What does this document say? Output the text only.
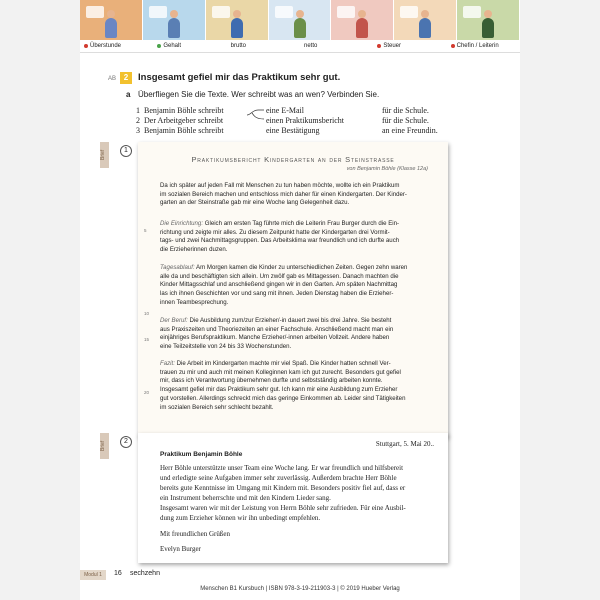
Überstunde	Gehalt	brutto	netto	Steuer	Chefin / Leiterin
AB 2	Insgesamt gefiel mir das Praktikum sehr gut.
a Überfliegen Sie die Texte. Wer schreibt was an wen? Verbinden Sie.
1 Benjamin Böhle schreibt	eine E-Mail	für die Schule.
2 Der Arbeitgeber schreibt	einen Praktikumsbericht	für die Schule.
3 Benjamin Böhle schreibt	eine Bestätigung	an eine Freundin.
Brief	1
Praktikumsbericht Kindergarten an der Steinstrasse
von Benjamin Böhle (Klasse 12a)
Da ich später auf jeden Fall mit Menschen zu tun haben möchte, wollte ich ein Praktikum
im sozialen Bereich machen und entschloss mich daher für einen Kindergarten. Der Kinder-
garten an der Steinstraße gab mir eine Woche lang Gelegenheit dazu.
Die Einrichtung: Gleich am ersten Tag führte mich die Leiterin Frau Burger durch die Ein-
richtung und zeigte mir alles. Zu diesem Zeitpunkt hatte der Kindergarten drei Vormit-
tags- und zwei Nachmittagsgruppen. Das Arbeitsklima war freundlich und ich durfte auch
die Erzieherinnen duzen.
Tagesablauf: Am Morgen kamen die Kinder zu unterschiedlichen Zeiten. Gegen zehn waren
alle da und beschäftigten sich allein. Um zwölf gab es Mittagessen. Danach machten die
Kinder Mittagsschlaf und anschließend gingen wir in den Garten. Am späten Nachmittag
las ich ihnen Geschichten vor und sang mit ihnen. Jeden Dienstag haben die Erzieher-
innen Teambesprechung.
Der Beruf: Die Ausbildung zum/zur Erzieher/-in dauert zwei bis drei Jahre. Sie besteht
aus Praxiszeiten und Theoriezeiten an einer Fachschule. Anschließend macht man ein
einjähriges Berufspraktikum. Manche Erzieher/-innen arbeiten Vollzeit. Andere haben
eine Teilzeitstelle von 24 bis 33 Wochenstunden.
Fazit: Die Arbeit im Kindergarten machte mir viel Spaß. Die Kinder hatten schnell Ver-
trauen zu mir und auch mit meinen Kolleginnen kam ich gut zurecht. Besonders gut gefiel
mir, dass ich Verantwortung übernehmen durfte und selbstständig arbeiten konnte.
Insgesamt gefiel mir das Praktikum sehr gut. Ich kann mir eine Ausbildung zum Erzieher
gut vorstellen. Allerdings schreckt mich das geringe Einkommen ab. Leider sind Tätigkeiten
im sozialen Bereich sehr schlecht bezahlt.
5
10
15
20
Brief	2	Stuttgart, 5. Mai 20..
Praktikum Benjamin Böhle
Herr Böhle unterstützte unser Team eine Woche lang. Er war freundlich und hilfsbereit
und erledigte seine Aufgaben immer sehr zuverlässig. Außerdem brachte Herr Böhle
bereits gute Kenntnisse im Umgang mit Kindern mit. Besonders positiv fiel auf, dass er
ein Instrument beherrschte und mit den Kindern Lieder sang.
Insgesamt waren wir mit der Leistung von Herrn Böhle sehr zufrieden. Für eine Ausbil-
dung zum Erzieher können wir ihn unbedingt empfehlen.
Mit freundlichen Grüßen
Evelyn Burger
Modul 1	16 sechzehn
Menschen B1 Kursbuch | ISBN 978-3-19-211903-3 | © 2019 Hueber Verlag
